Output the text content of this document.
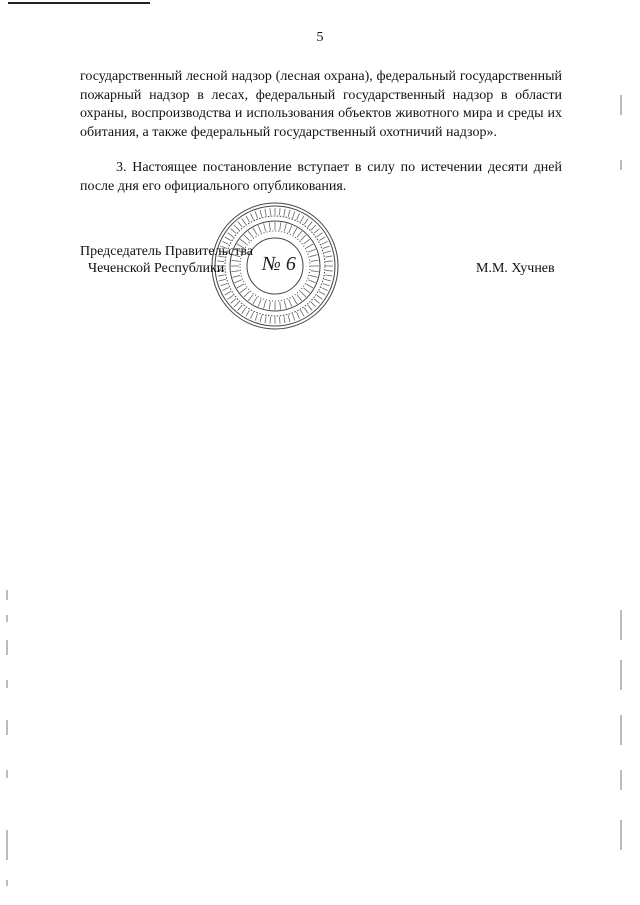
5

государственный лесной надзор (лесная охрана), федеральный государственный пожарный надзор в лесах, федеральный государственный надзор в области охраны, воспроизводства и использования объектов животного мира и среды их обитания, а также федеральный государственный охотничий надзор».

3. Настоящее постановление вступает в силу по истечении десяти дней после дня его официального опубликования.

№ 6
Председатель Правительства
Чеченской Республики	М.М. Хучнев
